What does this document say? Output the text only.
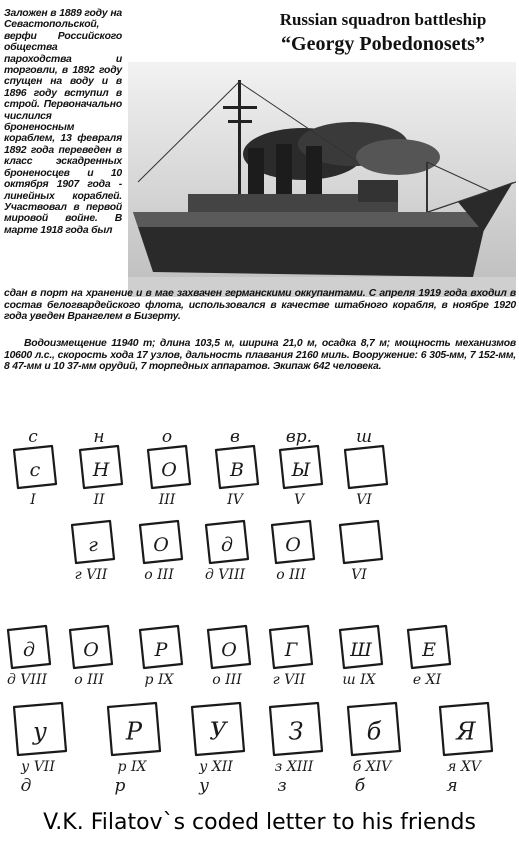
Заложен в 1889 году на Севастопольской, верфи Российского общества пароходства и торговли, в 1892 году спущен на воду и в 1896 году вступил в строй. Первоначально числился броненосным кораблем, 13 февраля 1892 года переведен в класс эскадренных броненосцев и 10 октября 1907 года - линейных кораблей. Участвовал в первой мировой войне. В марте 1918 года был

Russian squadron battleship

“Georgy Pobedonosets”

сдан в порт на хранение и в мае захвачен германскими оккупантами. С апреля 1919 года входил в состав белогвардейского флота, использовался в качестве штабного корабля, в ноябре 1920 года уведен Врангелем в Бизерту.

Водоизмещение 11940 т; длина 103,5 м, ширина 21,0 м, осадка 8,7 м; мощность механизмов 10600 л.с., скорость хода 17 узлов, дальность плавания 2160 миль. Вооружение: 6 305-мм, 7 152-мм, 8 47-мм и 10 37-мм орудий, 7 торпедных аппаратов. Экипаж 642 человека.

с
с
I
н
Н
II
о
О
III
в
В
IV
вр.
Ы
V
ш
VI
г
г VII
О
о III
д
д VIII
О
о III	VI
д
д VIII
О
о III
Р
р IX
О
о III
Г
г VII
Ш
ш IX
Е
е XI
у
у VII
д
Р
р IX
р
У
у XII
у
З
з XIII
з
б
б XIV
б
Я
я XV
я

V.K. Filatov`s coded letter to his friends
